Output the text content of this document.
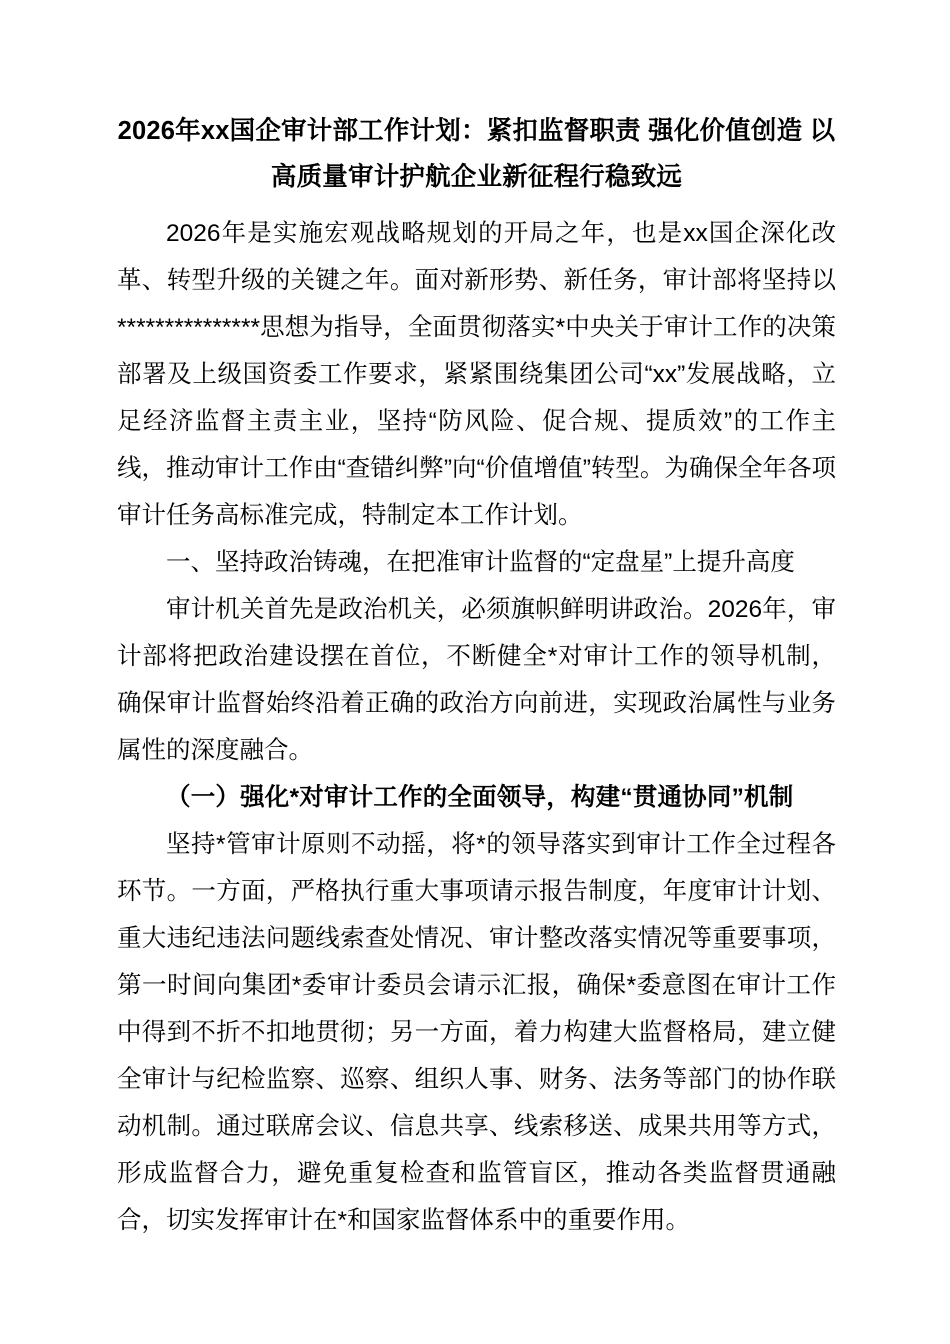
2026年xx国企审计部工作计划：紧扣监督职责 强化价值创造 以 高质量审计护航企业新征程行稳致远

2026年是实施宏观战略规划的开局之年，也是xx国企深化改革、转型升级的关键之年。面对新形势、新任务，审计部将坚持以***************思想为指导，全面贯彻落实*中央关于审计工作的决策部署及上级国资委工作要求，紧紧围绕集团公司“xx”发展战略，立足经济监督主责主业，坚持“防风险、促合规、提质效”的工作主线，推动审计工作由“查错纠弊”向“价值增值”转型。为确保全年各项审计任务高标准完成，特制定本工作计划。

一、坚持政治铸魂，在把准审计监督的“定盘星”上提升高度

审计机关首先是政治机关，必须旗帜鲜明讲政治。2026年，审计部将把政治建设摆在首位，不断健全*对审计工作的领导机制，确保审计监督始终沿着正确的政治方向前进，实现政治属性与业务属性的深度融合。

（一）强化*对审计工作的全面领导，构建“贯通协同”机制

坚持*管审计原则不动摇，将*的领导落实到审计工作全过程各环节。一方面，严格执行重大事项请示报告制度，年度审计计划、重大违纪违法问题线索查处情况、审计整改落实情况等重要事项，第一时间向集团*委审计委员会请示汇报，确保*委意图在审计工作中得到不折不扣地贯彻；另一方面，着力构建大监督格局，建立健全审计与纪检监察、巡察、组织人事、财务、法务等部门的协作联动机制。通过联席会议、信息共享、线索移送、成果共用等方式，形成监督合力，避免重复检查和监管盲区，推动各类监督贯通融合，切实发挥审计在*和国家监督体系中的重要作用。
